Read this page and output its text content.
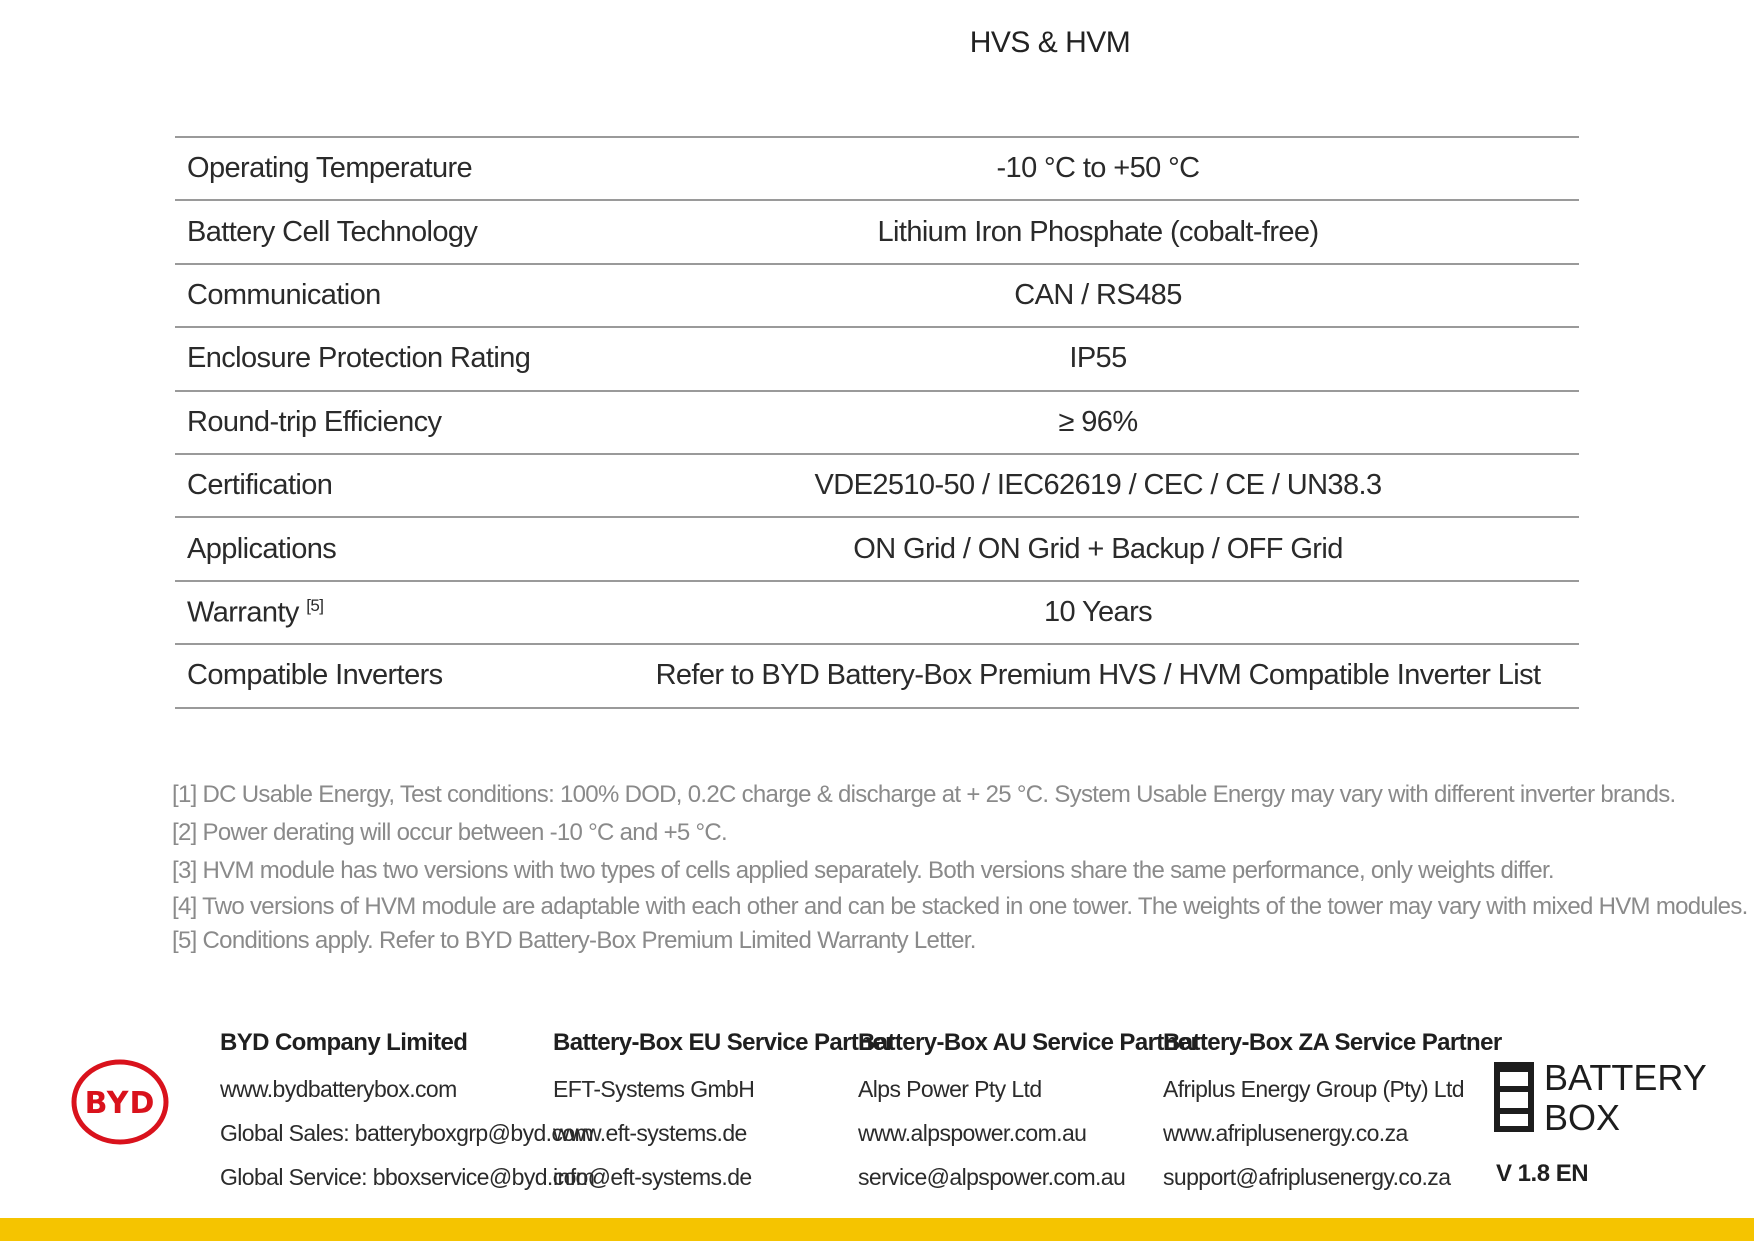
HVS & HVM
Operating Temperature	-10 °C to +50 °C
Battery Cell Technology	Lithium Iron Phosphate (cobalt-free)
Communication	CAN / RS485
Enclosure Protection Rating	IP55
Round-trip Efficiency	≥ 96%
Certification	VDE2510-50 / IEC62619 / CEC / CE / UN38.3
Applications	ON Grid / ON Grid + Backup / OFF Grid
Warranty [5]	10 Years
Compatible Inverters	Refer to BYD Battery-Box Premium HVS / HVM Compatible Inverter List
[1] DC Usable Energy, Test conditions: 100% DOD, 0.2C charge & discharge at + 25 °C. System Usable Energy may vary with different inverter brands.
[2] Power derating will occur between -10 °C and +5 °C.
[3] HVM module has two versions with two types of cells applied separately. Both versions share the same performance, only weights differ.
[4] Two versions of HVM module are adaptable with each other and can be stacked in one tower. The weights of the tower may vary with mixed HVM modules.
[5] Conditions apply. Refer to BYD Battery-Box Premium Limited Warranty Letter.
BYD
BYD Company Limited
www.bydbatterybox.com
Global Sales: batteryboxgrp@byd.com
Global Service: bboxservice@byd.com
Battery-Box EU Service Partner
EFT-Systems GmbH
www.eft-systems.de
info@eft-systems.de
Battery-Box AU Service Partner
Alps Power Pty Ltd
www.alpspower.com.au
service@alpspower.com.au
Battery-Box ZA Service Partner
Afriplus Energy Group (Pty) Ltd
www.afriplusenergy.co.za
support@afriplusenergy.co.za
BATTERY
BOX
V 1.8 EN
